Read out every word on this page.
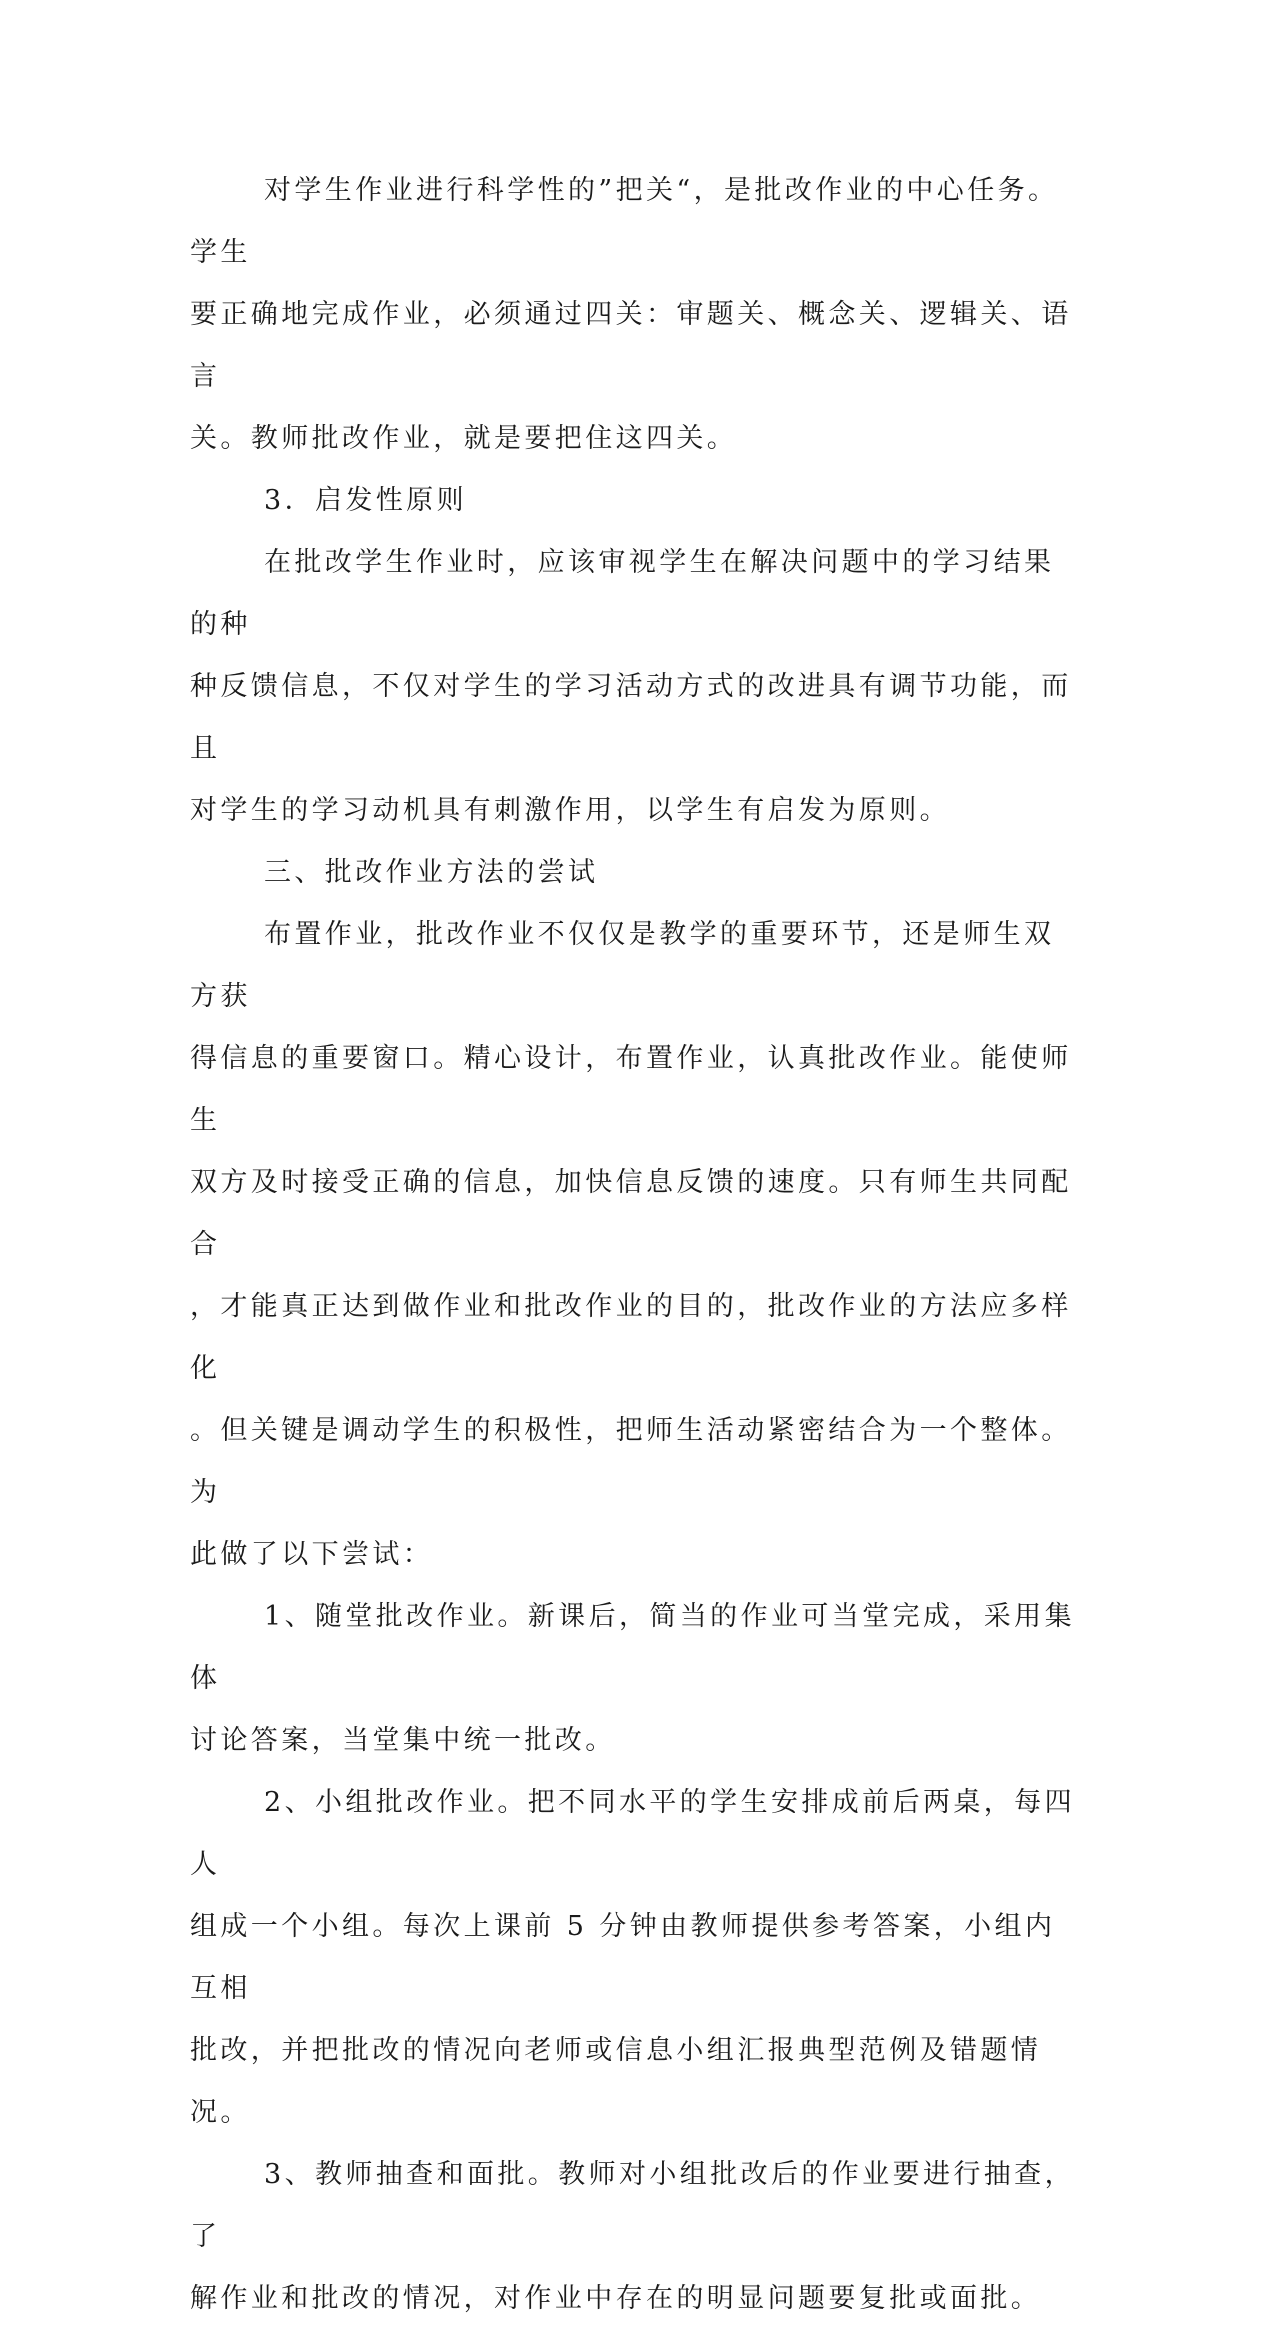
对学生作业进行科学性的”把关“，是批改作业的中心任务。学生
要正确地完成作业，必须通过四关：审题关、概念关、逻辑关、语言
关。教师批改作业，就是要把住这四关。

3．启发性原则

在批改学生作业时，应该审视学生在解决问题中的学习结果的种
种反馈信息，不仅对学生的学习活动方式的改进具有调节功能，而且
对学生的学习动机具有刺激作用，以学生有启发为原则。

三、批改作业方法的尝试

布置作业，批改作业不仅仅是教学的重要环节，还是师生双方获
得信息的重要窗口。精心设计，布置作业，认真批改作业。能使师生
双方及时接受正确的信息，加快信息反馈的速度。只有师生共同配合
，才能真正达到做作业和批改作业的目的，批改作业的方法应多样化
。但关键是调动学生的积极性，把师生活动紧密结合为一个整体。为
此做了以下尝试：

1、随堂批改作业。新课后，简当的作业可当堂完成，采用集体
讨论答案，当堂集中统一批改。

2、小组批改作业。把不同水平的学生安排成前后两桌，每四人
组成一个小组。每次上课前 5 分钟由教师提供参考答案，小组内互相
批改，并把批改的情况向老师或信息小组汇报典型范例及错题情况。

3、教师抽查和面批。教师对小组批改后的作业要进行抽查，了
解作业和批改的情况，对作业中存在的明显问题要复批或面批。
